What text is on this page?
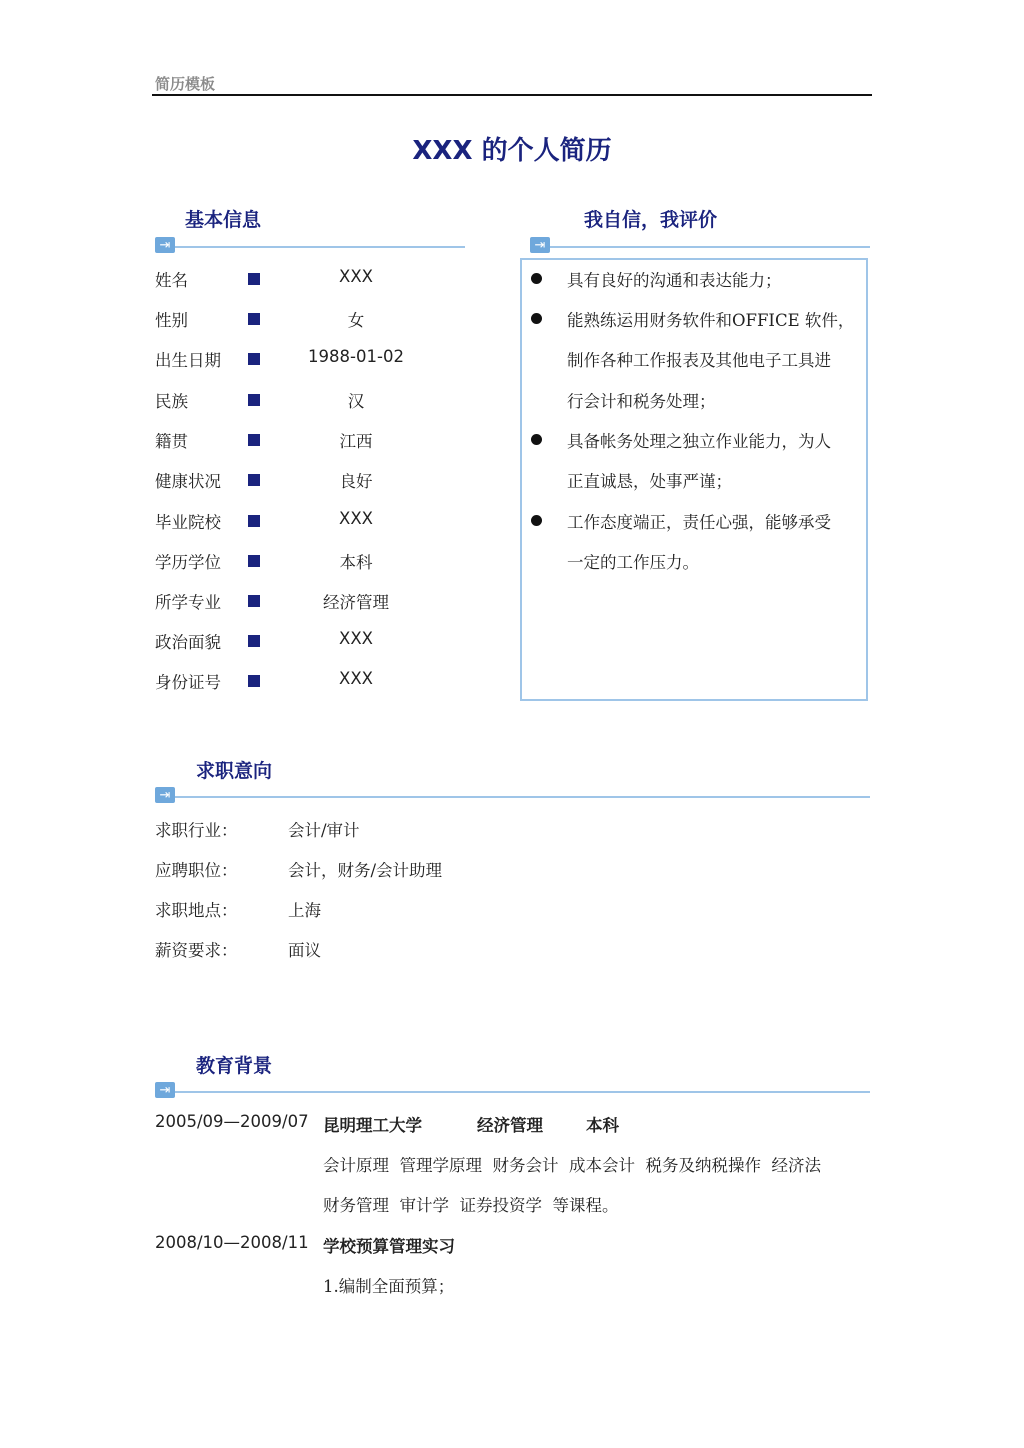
简历模板
XXX 的个人简历
基本信息
⇥
姓名	XXX
性别	女
出生日期	1988-01-02
民族	汉
籍贯	江西
健康状况	良好
毕业院校	XXX
学历学位	本科
所学专业	经济管理
政治面貌	XXX
身份证号	XXX
我自信，我评价
⇥
具有良好的沟通和表达能力；
能熟练运用财务软件和OFFICE 软件，
制作各种工作报表及其他电子工具进
行会计和税务处理；
具备帐务处理之独立作业能力，为人
正直诚恳，处事严谨；
工作态度端正，责任心强，能够承受
一定的工作压力。
求职意向
⇥
求职行业：	会计/审计
应聘职位：	会计，财务/会计助理
求职地点：	上海
薪资要求：	面议
教育背景
⇥
2005/09—2009/07 昆明理工大学	经济管理	本科
会计原理  管理学原理  财务会计  成本会计  税务及纳税操作  经济法
财务管理  审计学  证券投资学  等课程。
2008/10—2008/11 学校预算管理实习
1.编制全面预算；
